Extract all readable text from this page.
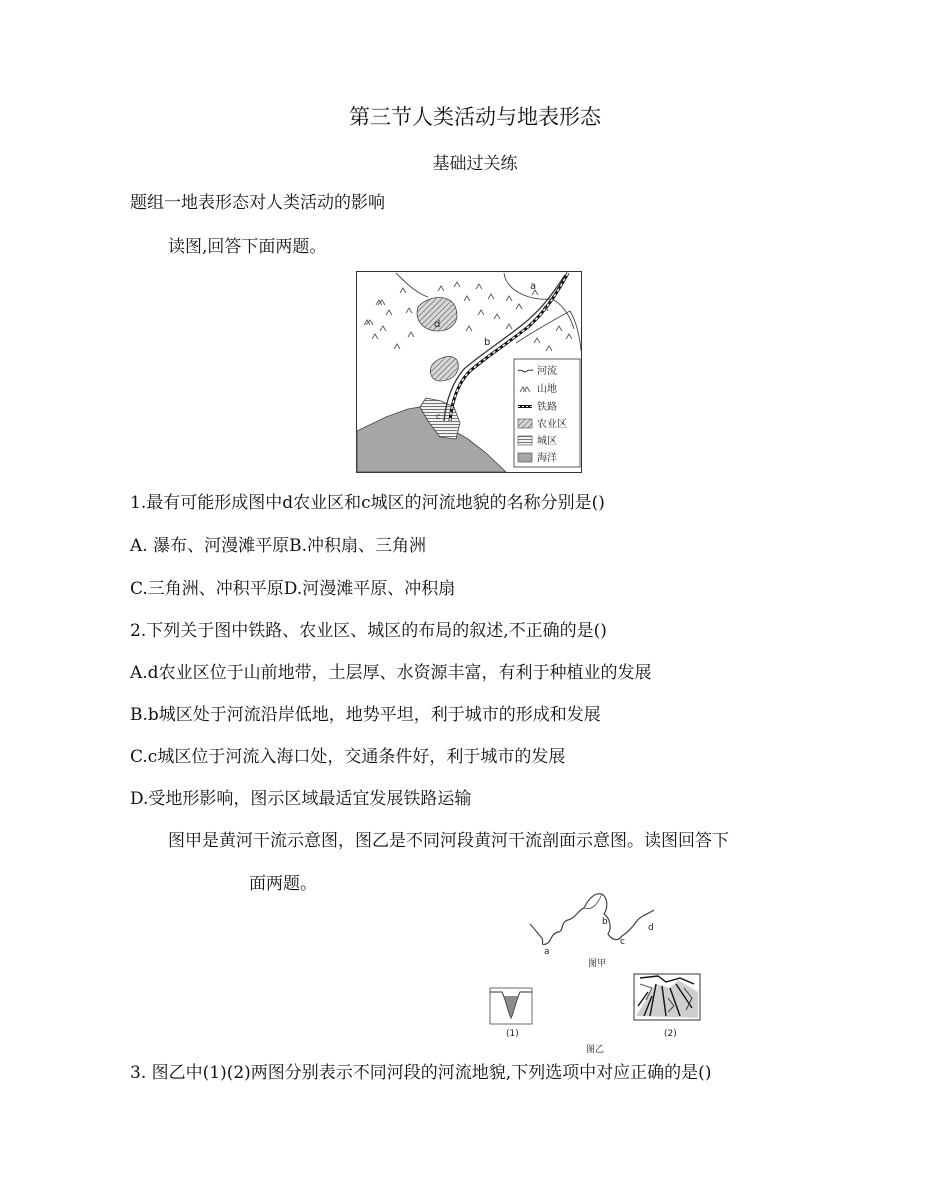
第三节人类活动与地表形态
基础过关练
题组一地表形态对人类活动的影响
读图,回答下面两题。
a
b
c
d
河流
山地
铁路
农业区
城区
海洋
1.最有可能形成图中d农业区和c城区的河流地貌的名称分别是()
A. 瀑布、河漫滩平原B.冲积扇、三角洲
C.三角洲、冲积平原D.河漫滩平原、冲积扇
2.下列关于图中铁路、农业区、城区的布局的叙述,不正确的是()
A.d农业区位于山前地带，土层厚、水资源丰富，有利于种植业的发展
B.b城区处于河流沿岸低地，地势平坦，利于城市的形成和发展
C.c城区位于河流入海口处，交通条件好，利于城市的发展
D.受地形影响，图示区域最适宜发展铁路运输
图甲是黄河干流示意图，图乙是不同河段黄河干流剖面示意图。读图回答下
面两题。
a
b
c
d
图甲
(1)	(2)
图乙
3. 图乙中(1)(2)两图分别表示不同河段的河流地貌,下列选项中对应正确的是()
